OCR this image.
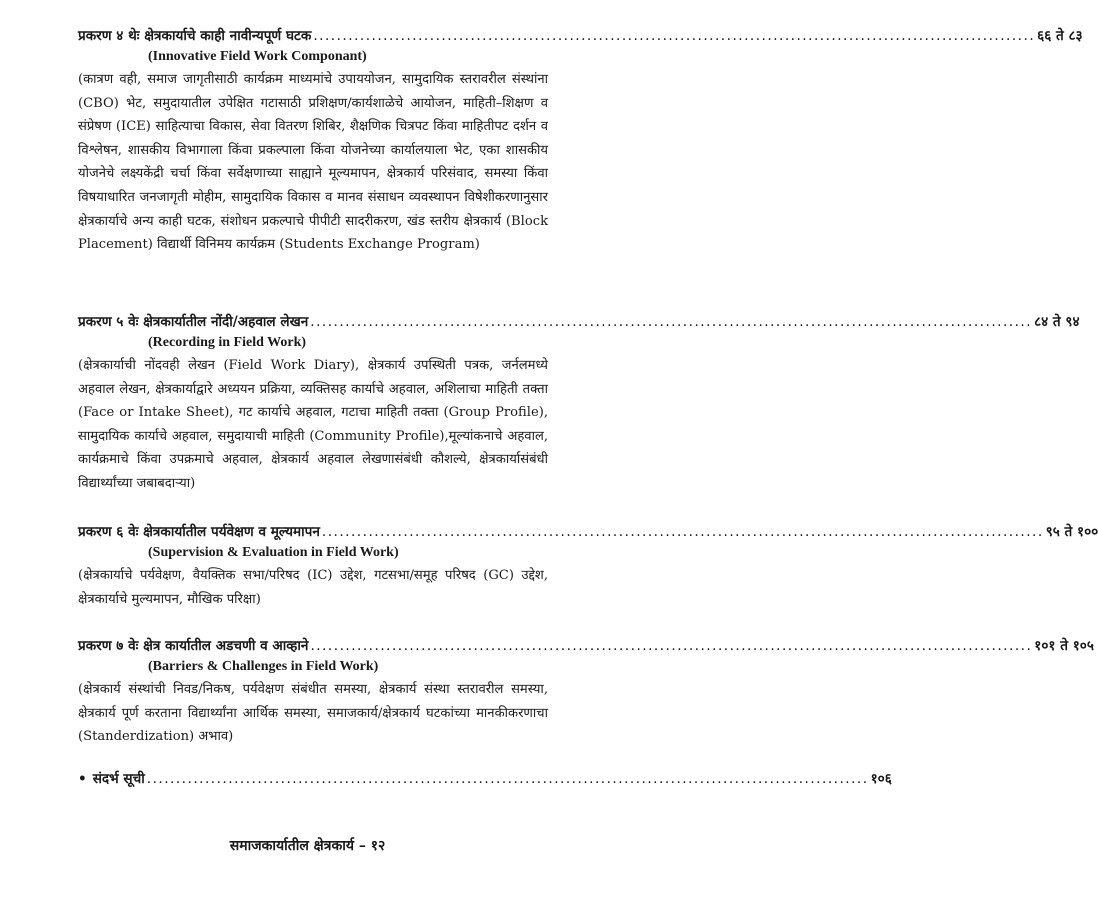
प्रकरण ४ थेः क्षेत्रकार्याचे काही नावीन्यपूर्ण घटक ............................................................................................................................ ६६ ते ८३
(Innovative Field Work Componant)

(कात्रण वही, समाज जागृतीसाठी कार्यक्रम माध्यमांचे उपाययोजन, सामुदायिक स्तरावरील संस्थांना (CBO) भेट, समुदायातील उपेक्षित गटासाठी प्रशिक्षण/कार्यशाळेचे आयोजन, माहिती–शिक्षण व संप्रेषण (ICE) साहित्याचा विकास, सेवा वितरण शिबिर, शैक्षणिक चित्रपट किंवा माहितीपट दर्शन व विश्लेषन, शासकीय विभागाला किंवा प्रकल्पाला किंवा योजनेच्या कार्यालयाला भेट, एका शासकीय योजनेचे लक्ष्यकेंद्री चर्चा किंवा सर्वेक्षणाच्या साह्याने मूल्यमापन, क्षेत्रकार्य परिसंवाद, समस्या किंवा विषयाधारित जनजागृती मोहीम, सामुदायिक विकास व मानव संसाधन व्यवस्थापन विषेशीकरणानुसार क्षेत्रकार्याचे अन्य काही घटक, संशोधन प्रकल्पाचे पीपीटी सादरीकरण, खंड स्तरीय क्षेत्रकार्य (Block Placement) विद्यार्थी विनिमय कार्यक्रम (Students Exchange Program)

प्रकरण ५ वेः क्षेत्रकार्यातील नोंदी/अहवाल लेखन ............................................................................................................................ ८४ ते ९४
(Recording in Field Work)

(क्षेत्रकार्याची नोंदवही लेखन (Field Work Diary), क्षेत्रकार्य उपस्थिती पत्रक, जर्नलमध्ये अहवाल लेखन, क्षेत्रकार्याद्वारे अध्ययन प्रक्रिया, व्यक्तिसह कार्याचे अहवाल, अशिलाचा माहिती तक्ता (Face or Intake Sheet), गट कार्याचे अहवाल, गटाचा माहिती तक्ता (Group Profile), सामुदायिक कार्याचे अहवाल, समुदायाची माहिती (Community Profile),मूल्यांकनाचे अहवाल, कार्यक्रमाचे किंवा उपक्रमाचे अहवाल, क्षेत्रकार्य अहवाल लेखणासंबंधी कौशल्ये, क्षेत्रकार्यासंबंधी विद्यार्थ्यांच्या जबाबदाऱ्या)

प्रकरण ६ वेः क्षेत्रकार्यातील पर्यवेक्षण व मूल्यमापन ............................................................................................................................ ९५ ते १००
(Supervision & Evaluation in Field Work)

(क्षेत्रकार्याचे पर्यवेक्षण, वैयक्तिक सभा/परिषद (IC) उद्देश, गटसभा/समूह परिषद (GC) उद्देश, क्षेत्रकार्याचे मुल्यमापन, मौखिक परिक्षा)

प्रकरण ७ वेः क्षेत्र कार्यातील अडचणी व आव्हाने ............................................................................................................................ १०१ ते १०५
(Barriers & Challenges in Field Work)

(क्षेत्रकार्य संस्थांची निवड/निकष, पर्यवेक्षण संबंधीत समस्या, क्षेत्रकार्य संस्था स्तरावरील समस्या, क्षेत्रकार्य पूर्ण करताना विद्यार्थ्यांना आर्थिक समस्या, समाजकार्य/क्षेत्रकार्य घटकांच्या मानकीकरणाचा (Standerdization) अभाव)

• संदर्भ सूची ............................................................................................................................ १०६
समाजकार्यातील क्षेत्रकार्य – १२
